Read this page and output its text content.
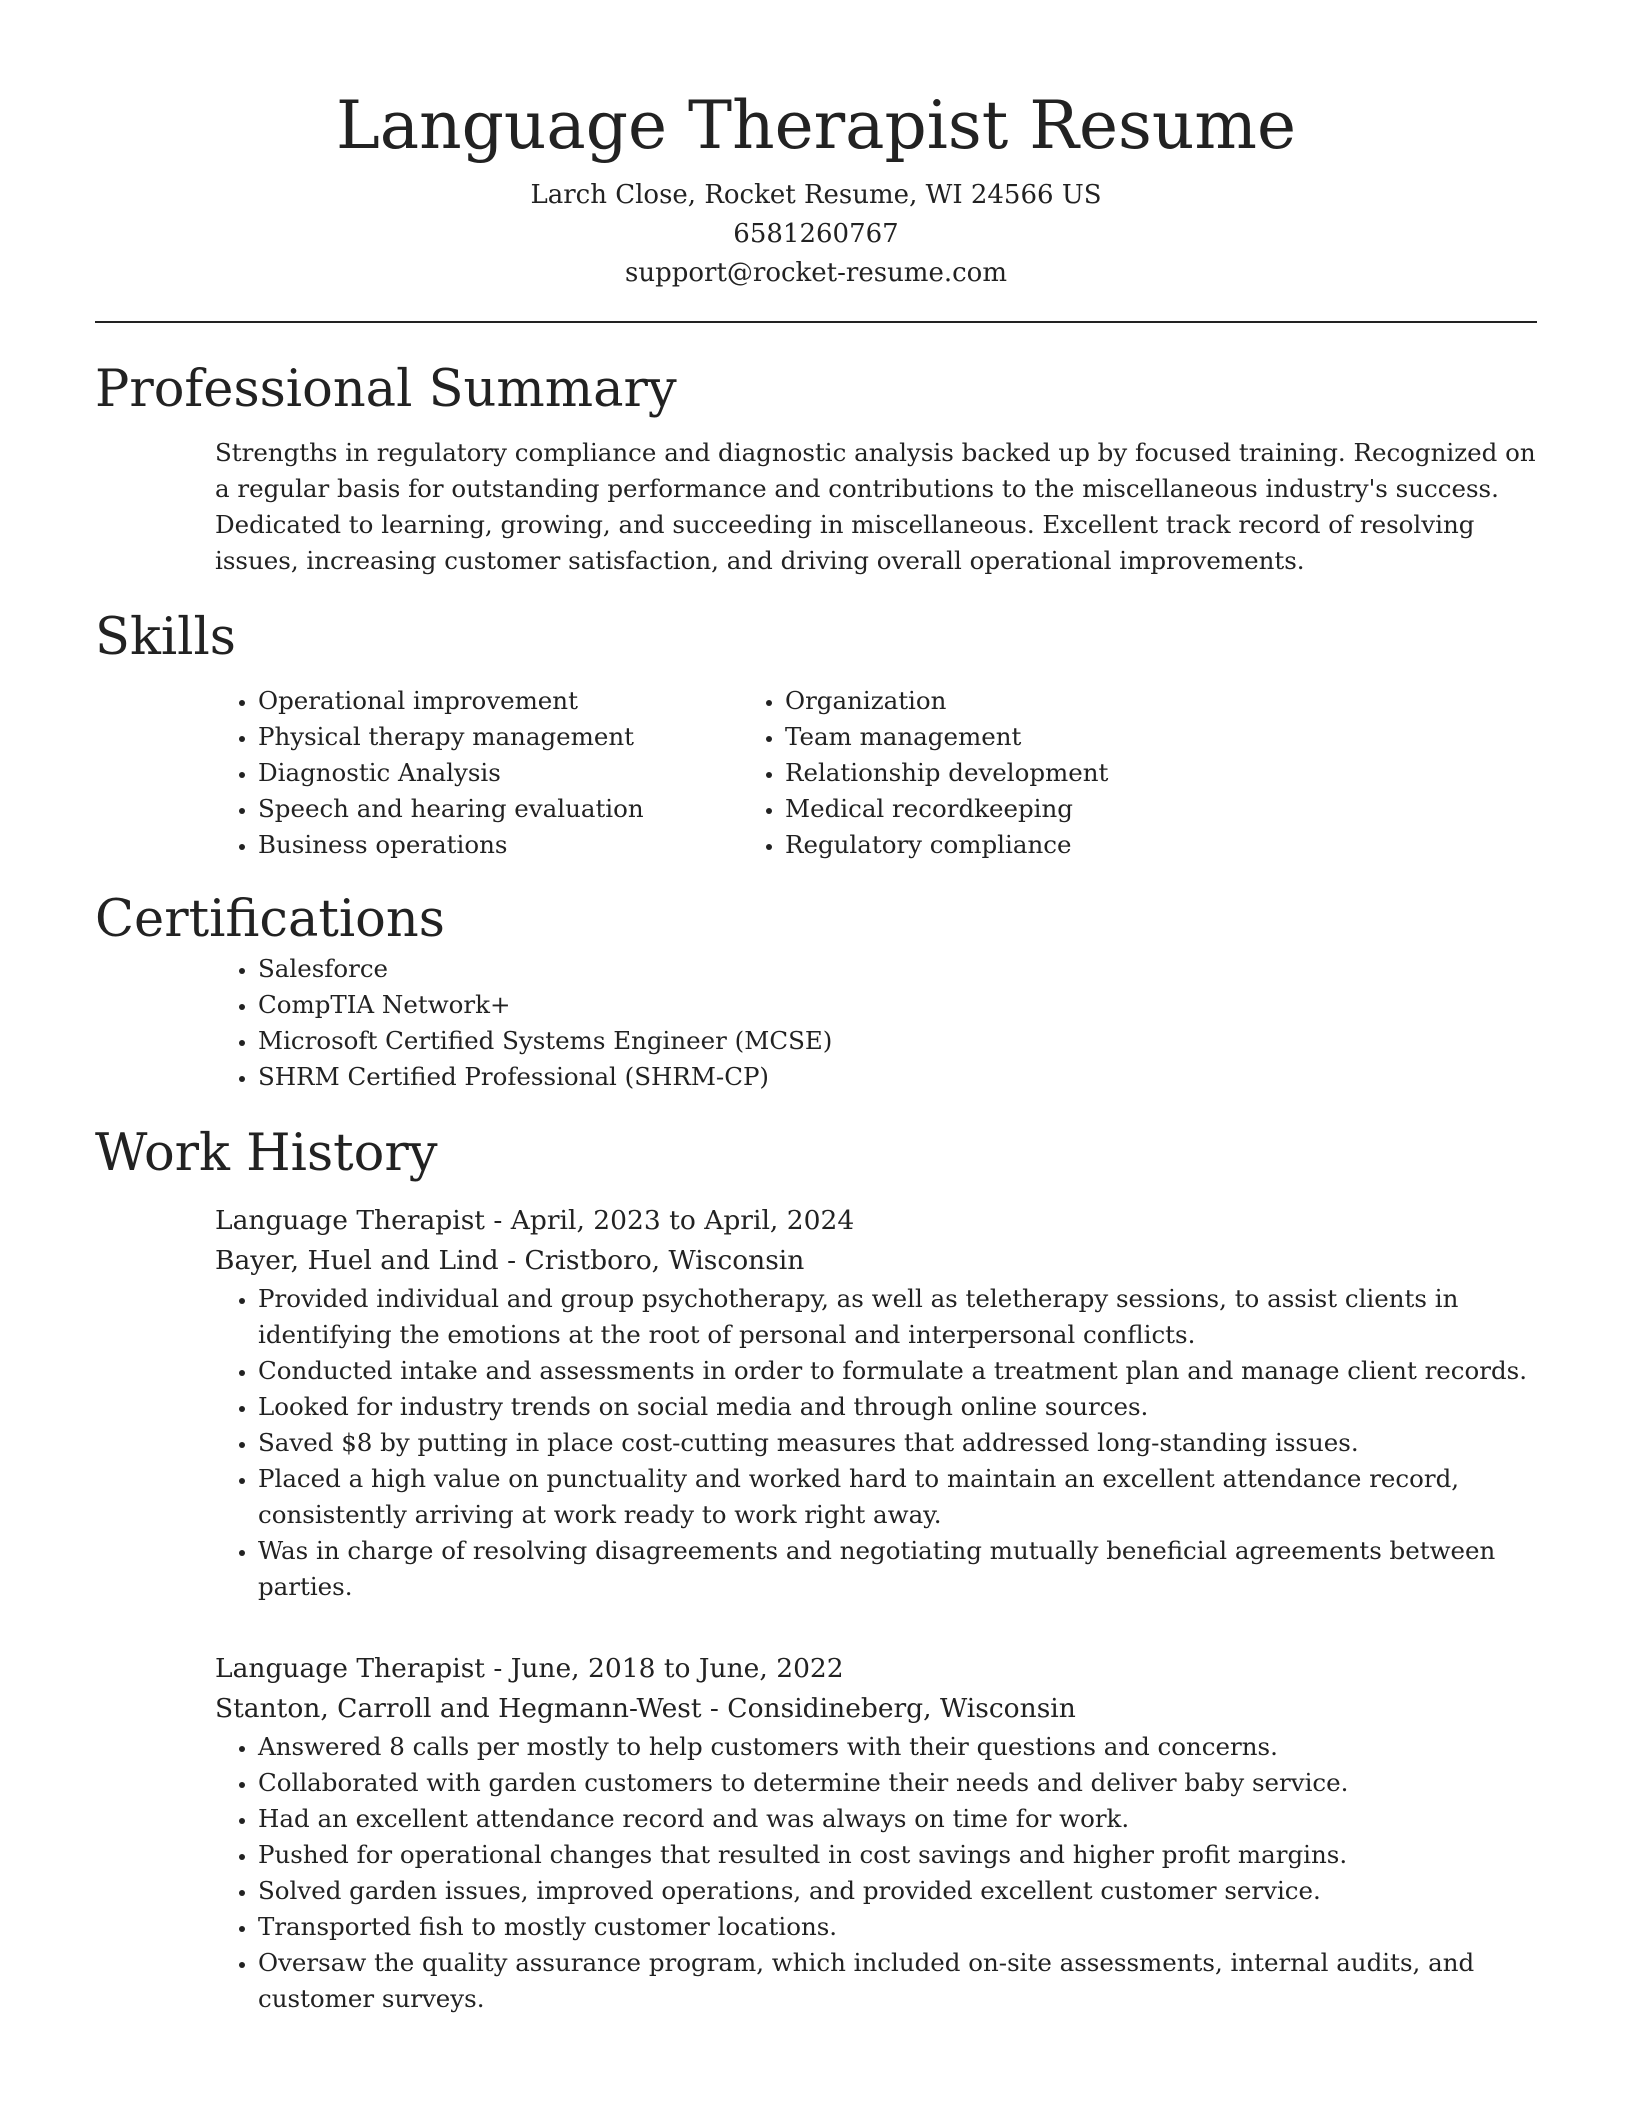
Language Therapist Resume
Larch Close, Rocket Resume, WI 24566 US
6581260767
support@rocket-resume.com
Professional Summary

Strengths in regulatory compliance and diagnostic analysis backed up by focused training. Recognized on a regular basis for outstanding performance and contributions to the miscellaneous industry's success. Dedicated to learning, growing, and succeeding in miscellaneous. Excellent track record of resolving issues, increasing customer satisfaction, and driving overall operational improvements.

Skills
• Operational improvement
• Physical therapy management
• Diagnostic Analysis
• Speech and hearing evaluation
• Business operations
• Organization
• Team management
• Relationship development
• Medical recordkeeping
• Regulatory compliance
Certifications
• Salesforce
• CompTIA Network+
• Microsoft Certified Systems Engineer (MCSE)
• SHRM Certified Professional (SHRM-CP)
Work History
Language Therapist - April, 2023 to April, 2024
Bayer, Huel and Lind - Cristboro, Wisconsin
• Provided individual and group psychotherapy, as well as teletherapy sessions, to assist clients in identifying the emotions at the root of personal and interpersonal conflicts.
• Conducted intake and assessments in order to formulate a treatment plan and manage client records.
• Looked for industry trends on social media and through online sources.
• Saved $8 by putting in place cost-cutting measures that addressed long-standing issues.
• Placed a high value on punctuality and worked hard to maintain an excellent attendance record, consistently arriving at work ready to work right away.
• Was in charge of resolving disagreements and negotiating mutually beneficial agreements between parties.
Language Therapist - June, 2018 to June, 2022
Stanton, Carroll and Hegmann-West - Considineberg, Wisconsin
• Answered 8 calls per mostly to help customers with their questions and concerns.
• Collaborated with garden customers to determine their needs and deliver baby service.
• Had an excellent attendance record and was always on time for work.
• Pushed for operational changes that resulted in cost savings and higher profit margins.
• Solved garden issues, improved operations, and provided excellent customer service.
• Transported fish to mostly customer locations.
• Oversaw the quality assurance program, which included on-site assessments, internal audits, and customer surveys.
